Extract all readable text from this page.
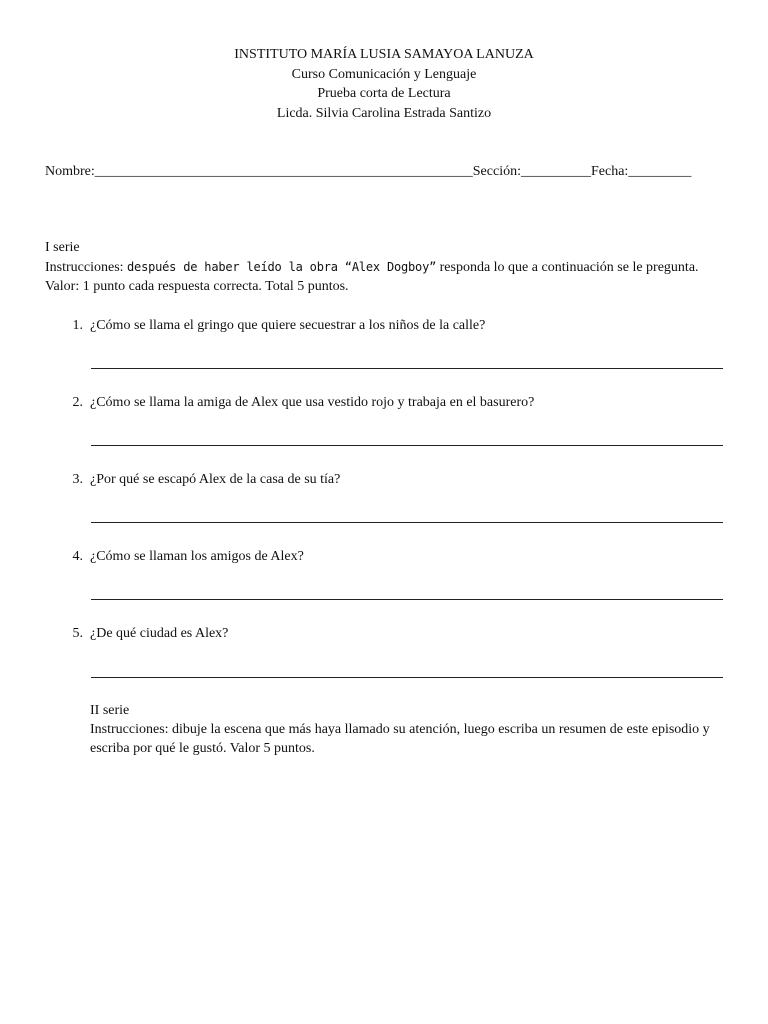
INSTITUTO MARÍA LUSIA SAMAYOA LANUZA
Curso Comunicación y Lenguaje
Prueba corta de Lectura
Licda. Silvia Carolina Estrada Santizo
Nombre:______________________________________________________Sección:__________Fecha:_________
I serie
Instrucciones: después de haber leído la obra “Alex Dogboy” responda lo que a continuación se le pregunta.
Valor: 1 punto cada respuesta correcta. Total 5 puntos.
1. ¿Cómo se llama el gringo que quiere secuestrar a los niños de la calle?
2. ¿Cómo se llama la amiga de Alex que usa vestido rojo y trabaja en el basurero?
3. ¿Por qué se escapó Alex de la casa de su tía?
4. ¿Cómo se llaman los amigos de Alex?
5. ¿De qué ciudad es Alex?
II serie
Instrucciones: dibuje la escena que más haya llamado su atención, luego escriba un resumen de este episodio y escriba por qué le gustó. Valor 5 puntos.
